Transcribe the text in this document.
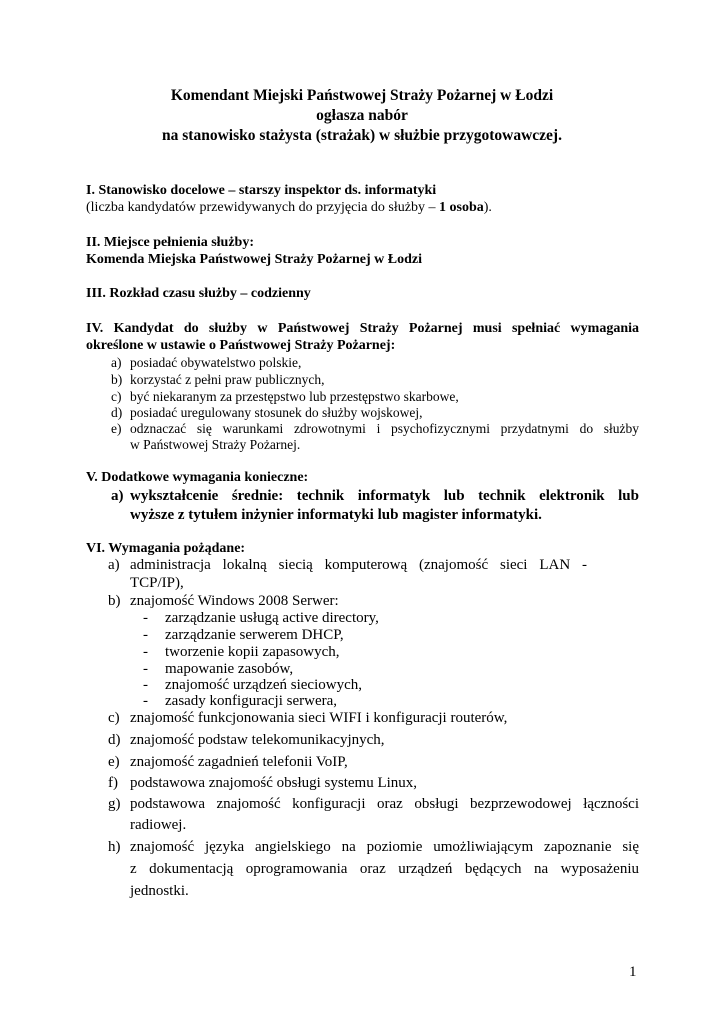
Komendant Miejski Państwowej Straży Pożarnej w Łodzi
ogłasza nabór
na stanowisko stażysta (strażak) w służbie przygotowawczej.
I. Stanowisko docelowe – starszy inspektor ds. informatyki
(liczba kandydatów przewidywanych do przyjęcia do służby – 1 osoba).
II. Miejsce pełnienia służby:
Komenda Miejska Państwowej Straży Pożarnej w Łodzi
III. Rozkład czasu służby – codzienny
IV. Kandydat do służby w Państwowej Straży Pożarnej musi spełniać wymagania
określone w ustawie o Państwowej Straży Pożarnej:
a) posiadać obywatelstwo polskie,
b) korzystać z pełni praw publicznych,
c) być niekaranym za przestępstwo lub przestępstwo skarbowe,
d) posiadać uregulowany stosunek do służby wojskowej,
e) odznaczać się warunkami zdrowotnymi i psychofizycznymi przydatnymi do służby
w Państwowej Straży Pożarnej.
V. Dodatkowe wymagania konieczne:
a) wykształcenie średnie: technik informatyk lub technik elektronik lub
wyższe z tytułem inżynier informatyki lub magister informatyki.
VI. Wymagania pożądane:
a) administracja lokalną siecią komputerową (znajomość sieci LAN -
TCP/IP),
b) znajomość Windows 2008 Serwer:
- zarządzanie usługą active directory,
- zarządzanie serwerem DHCP,
- tworzenie kopii zapasowych,
- mapowanie zasobów,
- znajomość urządzeń sieciowych,
- zasady konfiguracji serwera,
c) znajomość funkcjonowania sieci WIFI i konfiguracji routerów,
d) znajomość podstaw telekomunikacyjnych,
e) znajomość zagadnień telefonii VoIP,
f) podstawowa znajomość obsługi systemu Linux,
g) podstawowa znajomość konfiguracji oraz obsługi bezprzewodowej łączności
radiowej.
h) znajomość języka angielskiego na poziomie umożliwiającym zapoznanie się
z dokumentacją oprogramowania oraz urządzeń będących na wyposażeniu
jednostki.
1
